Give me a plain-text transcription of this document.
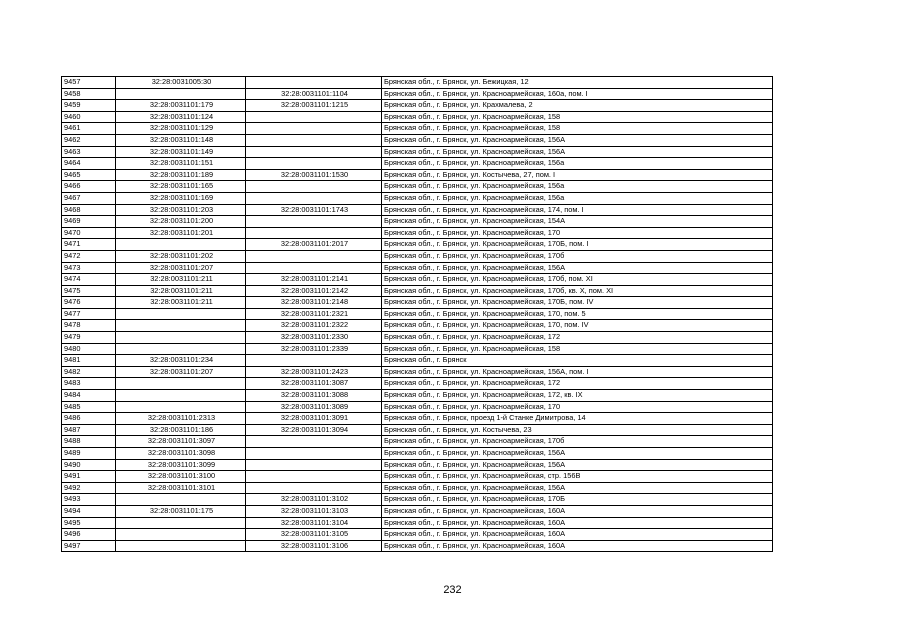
9457	32:28:0031005:30		Брянская обл., г. Брянск, ул. Бежицкая, 12
9458		32:28:0031101:1104	Брянская обл., г. Брянск, ул. Красноармейская, 160а, пом. I
9459	32:28:0031101:179	32:28:0031101:1215	Брянская обл., г. Брянск, ул. Крахмалева, 2
9460	32:28:0031101:124		Брянская обл., г. Брянск, ул. Красноармейская, 158
9461	32:28:0031101:129		Брянская обл., г. Брянск, ул. Красноармейская, 158
9462	32:28:0031101:148		Брянская обл., г. Брянск, ул. Красноармейская, 156А
9463	32:28:0031101:149		Брянская обл., г. Брянск, ул. Красноармейская, 156А
9464	32:28:0031101:151		Брянская обл., г. Брянск, ул. Красноармейская, 156а
9465	32:28:0031101:189	32:28:0031101:1530	Брянская обл., г. Брянск, ул. Костычева, 27, пом. I
9466	32:28:0031101:165		Брянская обл., г. Брянск, ул. Красноармейская, 156а
9467	32:28:0031101:169		Брянская обл., г. Брянск, ул. Красноармейская, 156а
9468	32:28:0031101:203	32:28:0031101:1743	Брянская обл., г. Брянск, ул. Красноармейская, 174, пом. I
9469	32:28:0031101:200		Брянская обл., г. Брянск, ул. Красноармейская, 154А
9470	32:28:0031101:201		Брянская обл., г. Брянск, ул. Красноармейская, 170
9471		32:28:0031101:2017	Брянская обл., г. Брянск, ул. Красноармейская, 170Б, пом. I
9472	32:28:0031101:202		Брянская обл., г. Брянск, ул. Красноармейская, 170б
9473	32:28:0031101:207		Брянская обл., г. Брянск, ул. Красноармейская, 156А
9474	32:28:0031101:211	32:28:0031101:2141	Брянская обл., г. Брянск, ул. Красноармейская, 170б, пом. XI
9475	32:28:0031101:211	32:28:0031101:2142	Брянская обл., г. Брянск, ул. Красноармейская, 170б, кв. X, пом. XI
9476	32:28:0031101:211	32:28:0031101:2148	Брянская обл., г. Брянск, ул. Красноармейская, 170Б, пом. IV
9477		32:28:0031101:2321	Брянская обл., г. Брянск, ул. Красноармейская, 170, пом. 5
9478		32:28:0031101:2322	Брянская обл., г. Брянск, ул. Красноармейская, 170, пом. IV
9479		32:28:0031101:2330	Брянская обл., г. Брянск, ул. Красноармейская, 172
9480		32:28:0031101:2339	Брянская обл., г. Брянск, ул. Красноармейская, 158
9481	32:28:0031101:234		Брянская обл., г. Брянск
9482	32:28:0031101:207	32:28:0031101:2423	Брянская обл., г. Брянск, ул. Красноармейская, 156А, пом. I
9483		32:28:0031101:3087	Брянская обл., г. Брянск, ул. Красноармейская, 172
9484		32:28:0031101:3088	Брянская обл., г. Брянск, ул. Красноармейская, 172, кв. IX
9485		32:28:0031101:3089	Брянская обл., г. Брянск, ул. Красноармейская, 170
9486	32:28:0031101:2313	32:28:0031101:3091	Брянская обл., г. Брянск, проезд 1-й Станке Димитрова, 14
9487	32:28:0031101:186	32:28:0031101:3094	Брянская обл., г. Брянск, ул. Костычева, 23
9488	32:28:0031101:3097		Брянская обл., г. Брянск, ул. Красноармейская, 170б
9489	32:28:0031101:3098		Брянская обл., г. Брянск, ул. Красноармейская, 156А
9490	32:28:0031101:3099		Брянская обл., г. Брянск, ул. Красноармейская, 156А
9491	32:28:0031101:3100		Брянская обл., г. Брянск, ул. Красноармейская, стр. 156В
9492	32:28:0031101:3101		Брянская обл., г. Брянск, ул. Красноармейская, 156А
9493		32:28:0031101:3102	Брянская обл., г. Брянск, ул. Красноармейская, 170Б
9494	32:28:0031101:175	32:28:0031101:3103	Брянская обл., г. Брянск, ул. Красноармейская, 160А
9495		32:28:0031101:3104	Брянская обл., г. Брянск, ул. Красноармейская, 160А
9496		32:28:0031101:3105	Брянская обл., г. Брянск, ул. Красноармейская, 160А
9497		32:28:0031101:3106	Брянская обл., г. Брянск, ул. Красноармейская, 160А
232
